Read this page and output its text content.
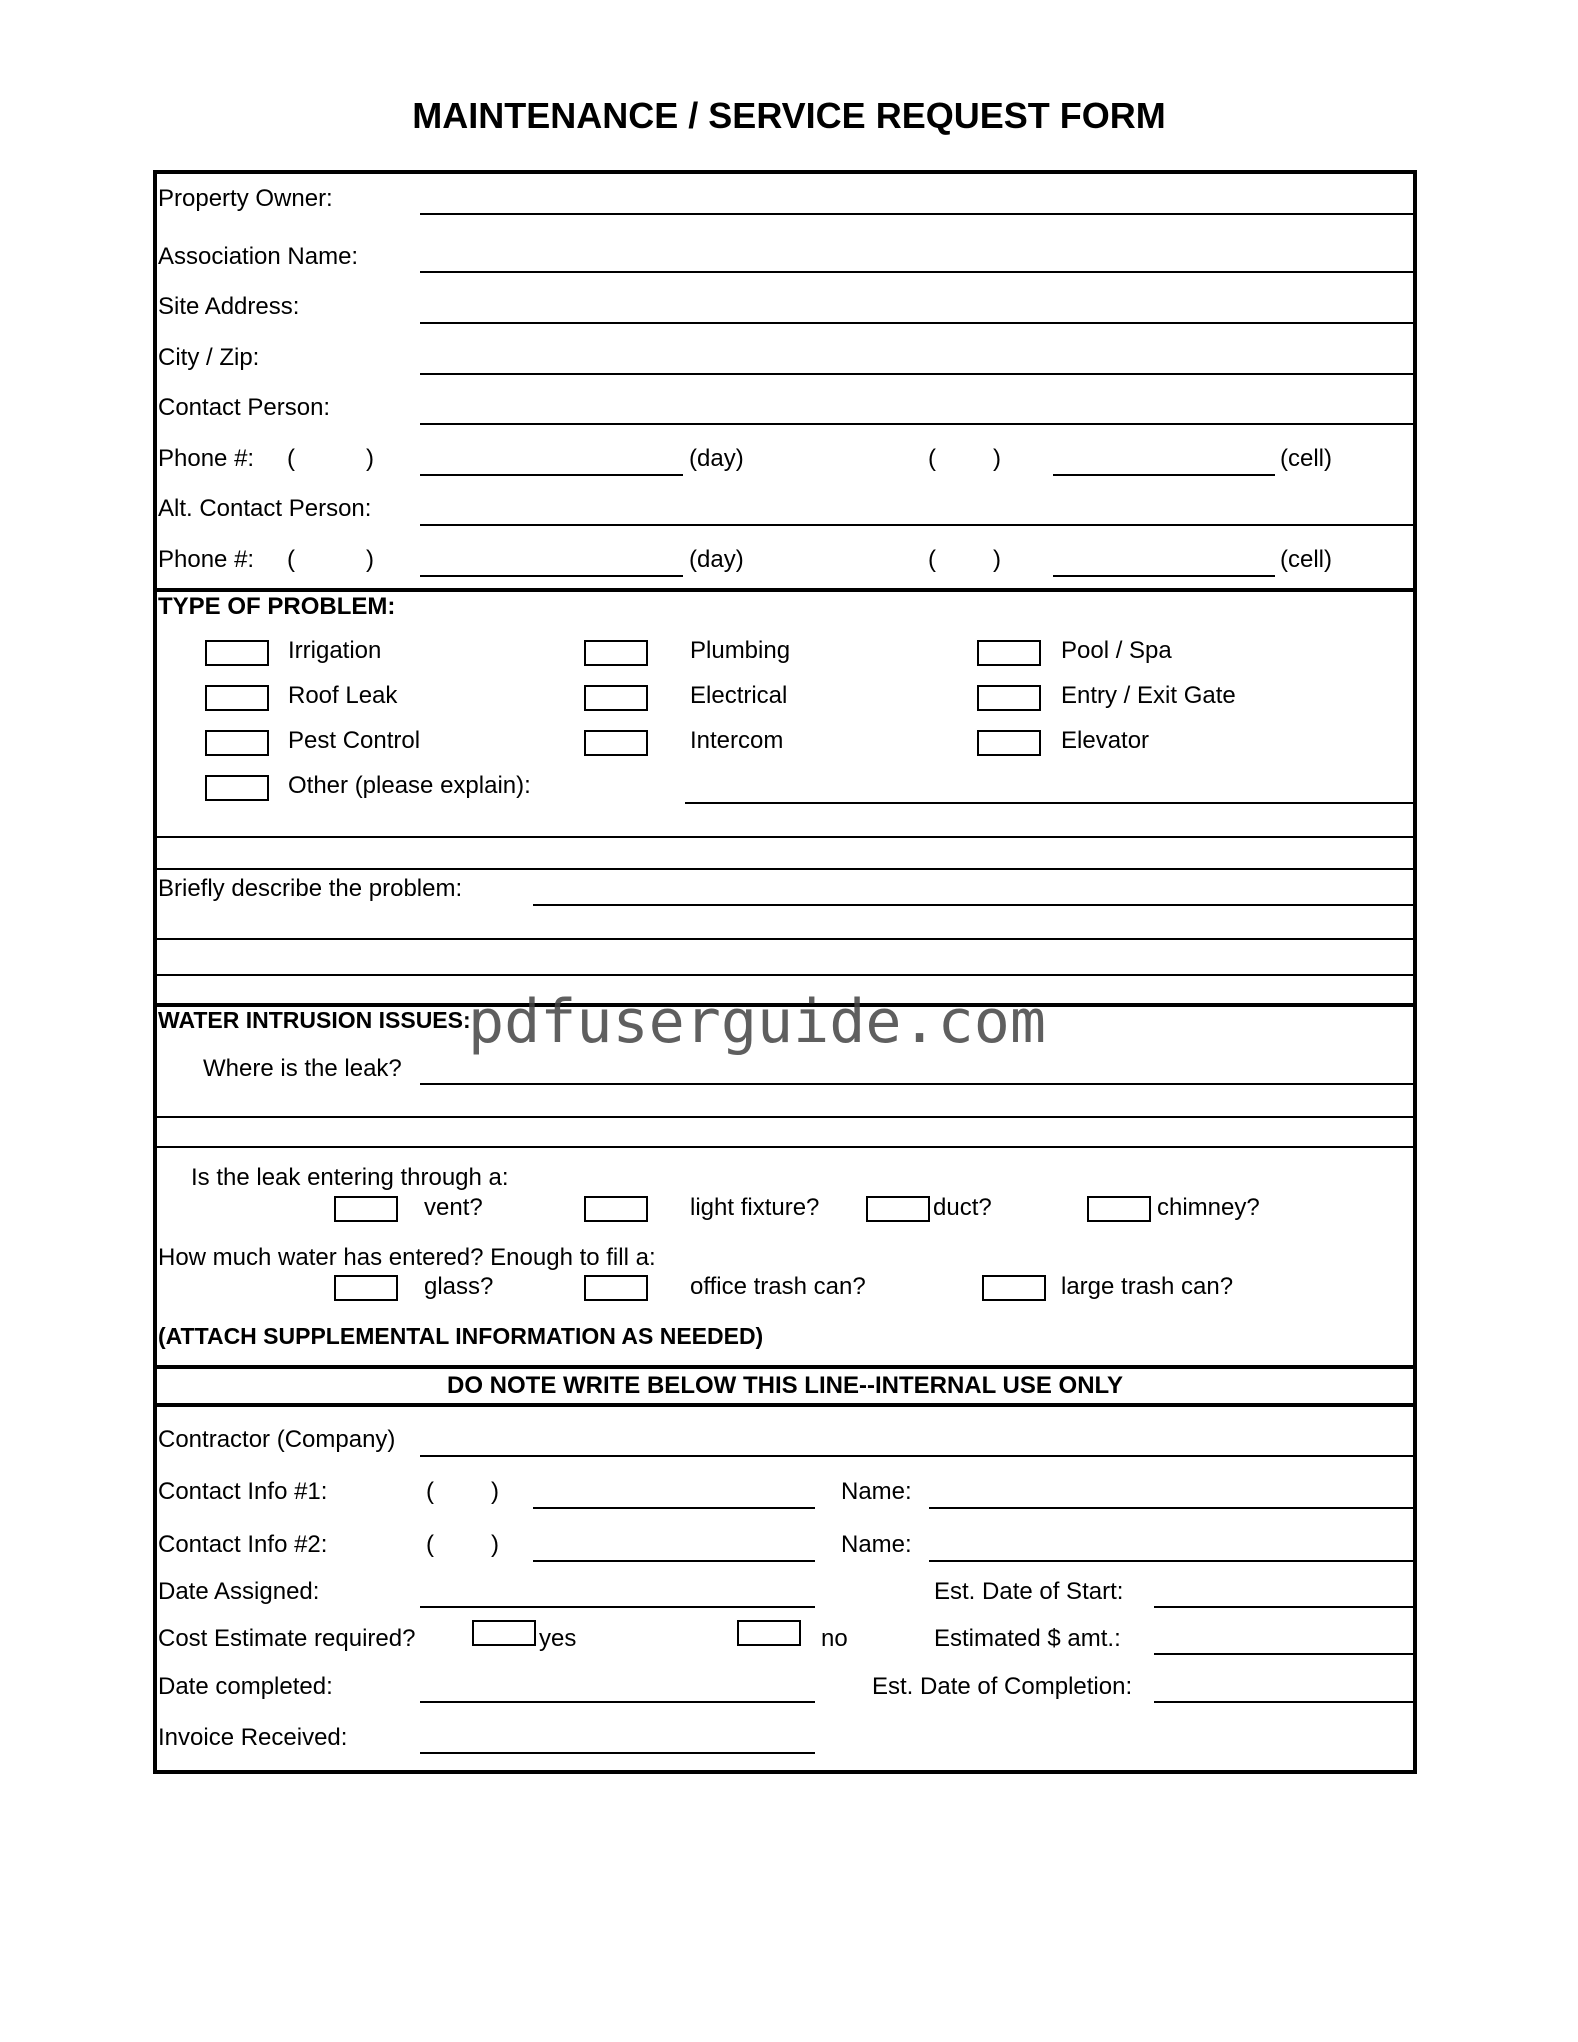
MAINTENANCE / SERVICE REQUEST FORM
Property Owner:
Association Name:
Site Address:
City / Zip:
Contact Person:
Phone #: (	)	(day)	( )	(cell)
Alt. Contact Person:
Phone #: (	)	(day)	( )	(cell)
TYPE OF PROBLEM:
Irrigation	Plumbing	Pool / Spa
Roof Leak	Electrical	Entry / Exit Gate
Pest Control	Intercom	Elevator
Other (please explain):
Briefly describe the problem:
WATER INTRUSION ISSUES:
pdfuserguide.com
Where is the leak?
Is the leak entering through a:
vent?	light fixture?	duct?	chimney?
How much water has entered? Enough to fill a:
glass?	office trash can?	large trash can?
(ATTACH SUPPLEMENTAL INFORMATION AS NEEDED)
DO NOTE WRITE BELOW THIS LINE--INTERNAL USE ONLY
Contractor (Company)
Contact Info #1:	( )	Name:
Contact Info #2:	( )	Name:
Date Assigned:	Est. Date of Start:
Cost Estimate required?	yes	no	Estimated $ amt.:
Date completed:	Est. Date of Completion:
Invoice Received:
